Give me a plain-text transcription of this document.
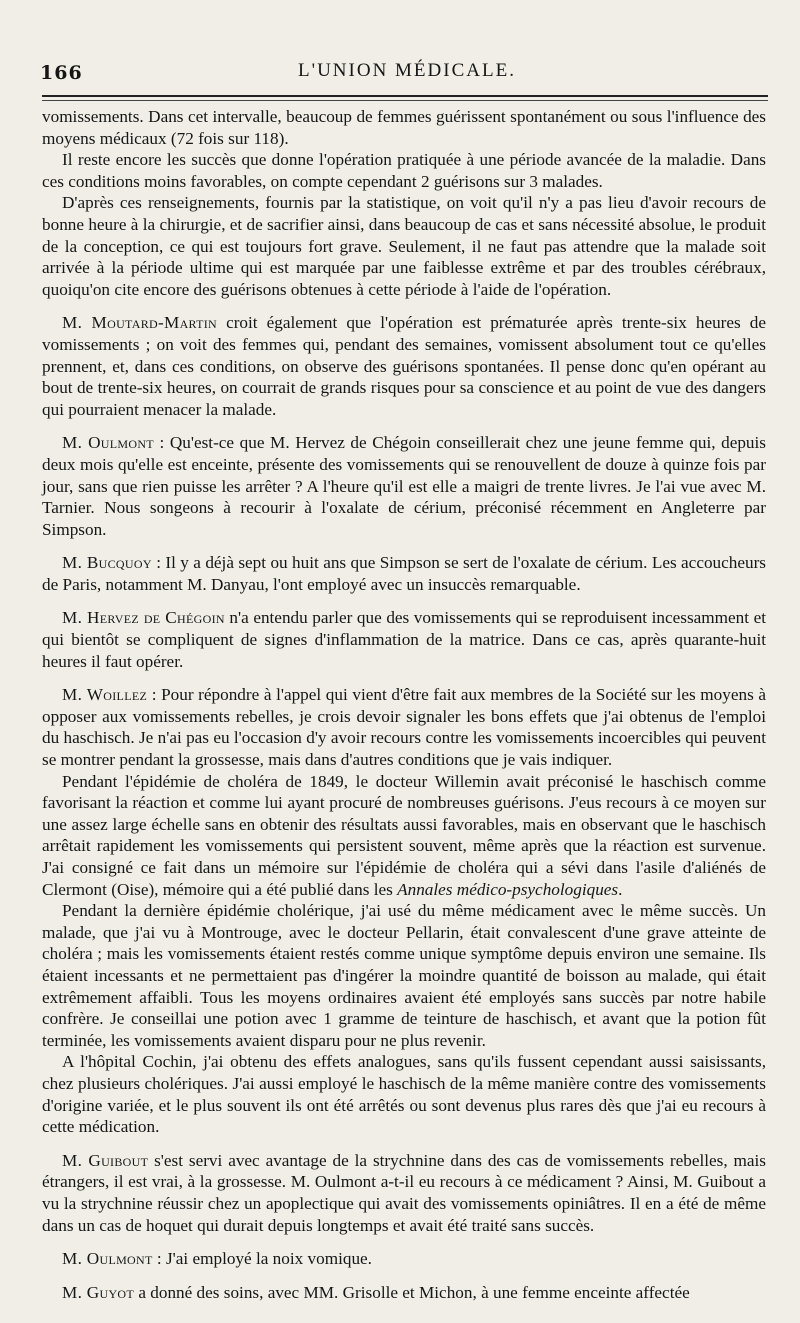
166	L'UNION MÉDICALE.

vomissements. Dans cet intervalle, beaucoup de femmes guérissent spontanément ou sous l'influence des moyens médicaux (72 fois sur 118).

Il reste encore les succès que donne l'opération pratiquée à une période avancée de la maladie. Dans ces conditions moins favorables, on compte cependant 2 guérisons sur 3 malades.

D'après ces renseignements, fournis par la statistique, on voit qu'il n'y a pas lieu d'avoir recours de bonne heure à la chirurgie, et de sacrifier ainsi, dans beaucoup de cas et sans nécessité absolue, le produit de la conception, ce qui est toujours fort grave. Seulement, il ne faut pas attendre que la malade soit arrivée à la période ultime qui est marquée par une faiblesse extrême et par des troubles cérébraux, quoiqu'on cite encore des guérisons obtenues à cette période à l'aide de l'opération.

M. Moutard-Martin croit également que l'opération est prématurée après trente-six heures de vomissements ; on voit des femmes qui, pendant des semaines, vomissent absolument tout ce qu'elles prennent, et, dans ces conditions, on observe des guérisons spontanées. Il pense donc qu'en opérant au bout de trente-six heures, on courrait de grands risques pour sa conscience et au point de vue des dangers qui pourraient menacer la malade.

M. Oulmont : Qu'est-ce que M. Hervez de Chégoin conseillerait chez une jeune femme qui, depuis deux mois qu'elle est enceinte, présente des vomissements qui se renouvellent de douze à quinze fois par jour, sans que rien puisse les arrêter ? A l'heure qu'il est elle a maigri de trente livres. Je l'ai vue avec M. Tarnier. Nous songeons à recourir à l'oxalate de cérium, préconisé récemment en Angleterre par Simpson.

M. Bucquoy : Il y a déjà sept ou huit ans que Simpson se sert de l'oxalate de cérium. Les accoucheurs de Paris, notamment M. Danyau, l'ont employé avec un insuccès remarquable.

M. Hervez de Chégoin n'a entendu parler que des vomissements qui se reproduisent incessamment et qui bientôt se compliquent de signes d'inflammation de la matrice. Dans ce cas, après quarante-huit heures il faut opérer.

M. Woillez : Pour répondre à l'appel qui vient d'être fait aux membres de la Société sur les moyens à opposer aux vomissements rebelles, je crois devoir signaler les bons effets que j'ai obtenus de l'emploi du haschisch. Je n'ai pas eu l'occasion d'y avoir recours contre les vomissements incoercibles qui peuvent se montrer pendant la grossesse, mais dans d'autres conditions que je vais indiquer.

Pendant l'épidémie de choléra de 1849, le docteur Willemin avait préconisé le haschisch comme favorisant la réaction et comme lui ayant procuré de nombreuses guérisons. J'eus recours à ce moyen sur une assez large échelle sans en obtenir des résultats aussi favorables, mais en observant que le haschisch arrêtait rapidement les vomissements qui persistent souvent, même après que la réaction est survenue. J'ai consigné ce fait dans un mémoire sur l'épidémie de choléra qui a sévi dans l'asile d'aliénés de Clermont (Oise), mémoire qui a été publié dans les Annales médico-psychologiques.

Pendant la dernière épidémie cholérique, j'ai usé du même médicament avec le même succès. Un malade, que j'ai vu à Montrouge, avec le docteur Pellarin, était convalescent d'une grave atteinte de choléra ; mais les vomissements étaient restés comme unique symptôme depuis environ une semaine. Ils étaient incessants et ne permettaient pas d'ingérer la moindre quantité de boisson au malade, qui était extrêmement affaibli. Tous les moyens ordinaires avaient été employés sans succès par notre habile confrère. Je conseillai une potion avec 1 gramme de teinture de haschisch, et avant que la potion fût terminée, les vomissements avaient disparu pour ne plus revenir.

A l'hôpital Cochin, j'ai obtenu des effets analogues, sans qu'ils fussent cependant aussi saisissants, chez plusieurs cholériques. J'ai aussi employé le haschisch de la même manière contre des vomissements d'origine variée, et le plus souvent ils ont été arrêtés ou sont devenus plus rares dès que j'ai eu recours à cette médication.

M. Guibout s'est servi avec avantage de la strychnine dans des cas de vomissements rebelles, mais étrangers, il est vrai, à la grossesse. M. Oulmont a-t-il eu recours à ce médicament ? Ainsi, M. Guibout a vu la strychnine réussir chez un apoplectique qui avait des vomissements opiniâtres. Il en a été de même dans un cas de hoquet qui durait depuis longtemps et avait été traité sans succès.

M. Oulmont : J'ai employé la noix vomique.

M. Guyot a donné des soins, avec MM. Grisolle et Michon, à une femme enceinte affectée
